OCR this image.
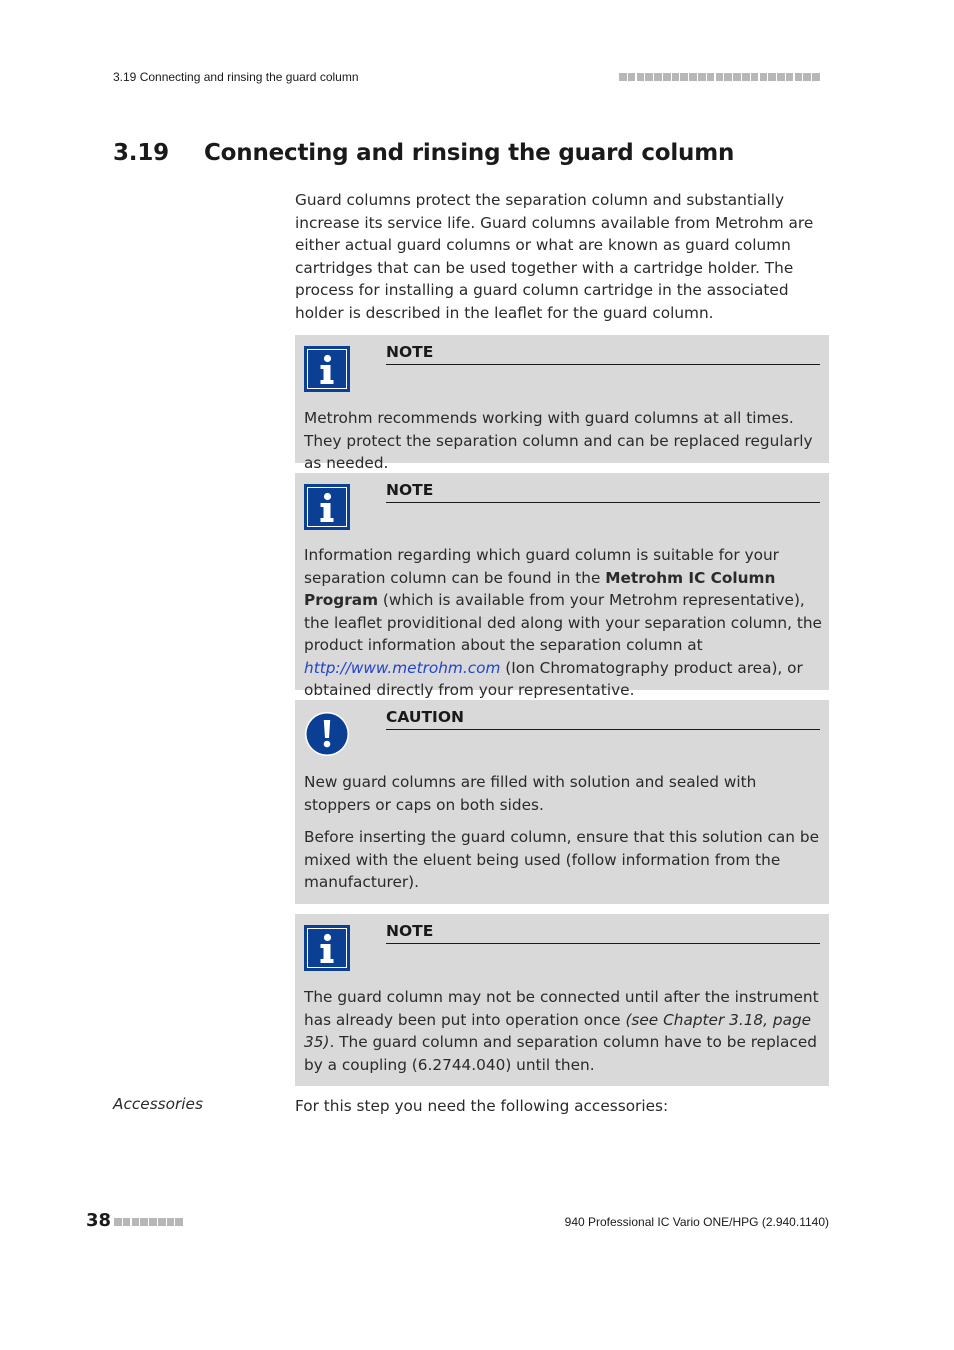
3.19 Connecting and rinsing the guard column
3.19 Connecting and rinsing the guard column

Guard columns protect the separation column and substantially increase its service life. Guard columns available from Metrohm are either actual guard columns or what are known as guard column cartridges that can be used together with a cartridge holder. The process for installing a guard column cartridge in the associated holder is described in the leaflet for the guard column.

NOTE

Metrohm recommends working with guard columns at all times. They protect the separation column and can be replaced regularly as needed.

NOTE

Information regarding which guard column is suitable for your separation column can be found in the Metrohm IC Column Program (which is available from your Metrohm representative), the leaflet providitional ded along with your separation column, the product information about the separation column at http://www.metrohm.com (Ion Chromatography product area), or obtained directly from your representative.

CAUTION

New guard columns are filled with solution and sealed with stoppers or caps on both sides.

Before inserting the guard column, ensure that this solution can be mixed with the eluent being used (follow information from the manufacturer).

NOTE

The guard column may not be connected until after the instrument has already been put into operation once (see Chapter 3.18, page 35). The guard column and separation column have to be replaced by a coupling (6.2744.040) until then.

Accessories	For this step you need the following accessories:

38	940 Professional IC Vario ONE/HPG (2.940.1140)
